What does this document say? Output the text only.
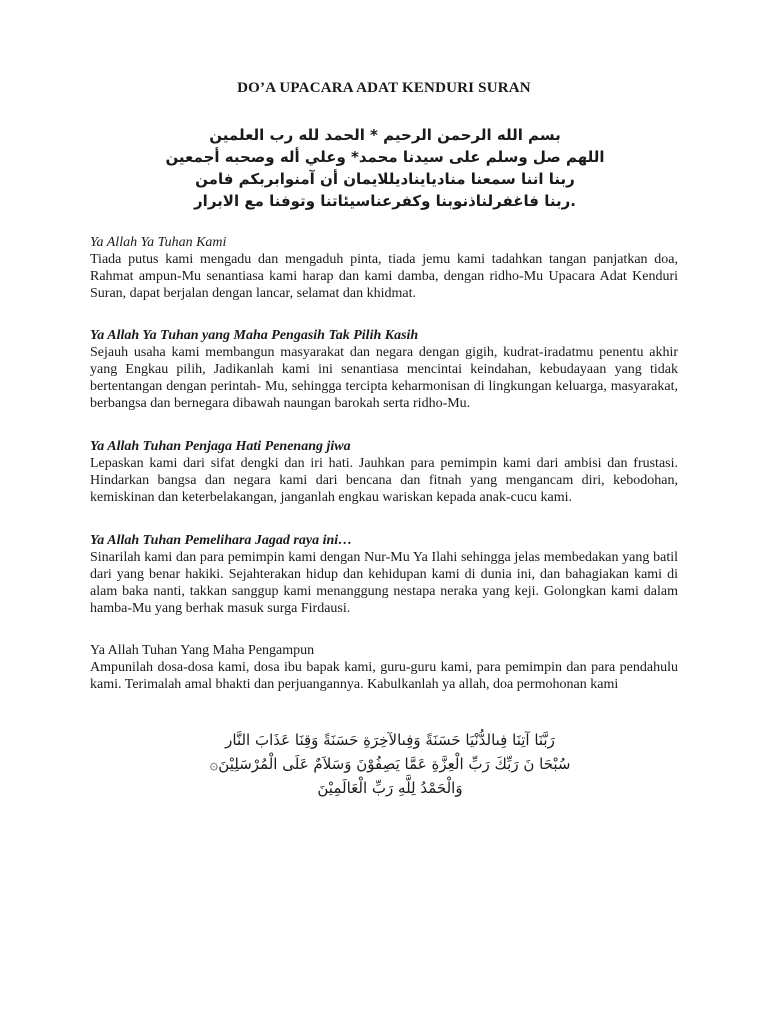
DO’A UPACARA ADAT KENDURI SURAN
بسم الله الرحمن الرحيم * الحمد لله رب العلمين
اللهم صل وسلم على سيدنا محمد* وعلي أله وصحبه أجمعين
ربنا اننا سمعنا مناديايناديللايمان أن آمنوابربكم فامن
.ربنا فاغفرلناذنوبنا وكفرعناسيئاتنا وتوفنا مع الابرار
Ya Allah Ya Tuhan Kami
Tiada putus kami mengadu dan mengaduh pinta, tiada jemu kami tadahkan tangan panjatkan doa, Rahmat ampun-Mu senantiasa kami harap dan kami damba, dengan ridho-Mu Upacara Adat Kenduri Suran, dapat berjalan dengan lancar, selamat dan khidmat.
Ya Allah Ya Tuhan yang Maha Pengasih Tak Pilih Kasih
Sejauh usaha kami membangun masyarakat dan negara dengan gigih, kudrat-iradatmu penentu akhir yang Engkau pilih, Jadikanlah kami ini senantiasa mencintai keindahan, kebudayaan yang tidak bertentangan dengan perintah- Mu, sehingga tercipta keharmonisan di lingkungan keluarga, masyarakat, berbangsa dan bernegara dibawah naungan barokah serta ridho-Mu.
Ya Allah Tuhan Penjaga Hati Penenang jiwa
Lepaskan kami dari sifat dengki dan iri hati. Jauhkan para pemimpin kami dari ambisi dan frustasi. Hindarkan bangsa dan negara kami dari bencana dan fitnah yang mengancam diri, kebodohan, kemiskinan dan keterbelakangan, janganlah engkau wariskan kepada anak-cucu kami.
Ya Allah Tuhan Pemelihara Jagad raya ini…
Sinarilah kami dan para pemimpin kami dengan Nur-Mu Ya Ilahi sehingga jelas membedakan yang batil dari yang benar hakiki. Sejahterakan hidup dan kehidupan kami di dunia ini, dan bahagiakan kami di alam baka nanti, takkan sanggup kami menanggung nestapa neraka yang keji. Golongkan kami dalam hamba-Mu yang berhak masuk surga Firdausi.
Ya Allah Tuhan Yang Maha Pengampun
Ampunilah dosa-dosa kami, dosa ibu bapak kami, guru-guru kami, para pemimpin dan para pendahulu kami. Terimalah amal bhakti dan perjuangannya. Kabulkanlah ya allah, doa permohonan kami
رَبَّنَا آتِنَا فِىالدُّنْيَا حَسَنَةً وَفِىالآخِرَةِ حَسَنَةً وَقِنَا عَذَابَ النَّار
سُبْحَا نَ رَبِّكَ رَبِّ الْعِزَّةِ عَمَّا يَصِفُوْنَ وَسَلاَمٌ عَلَى الْمُرْسَلِيْنَ۞
وَالْحَمْدُ لِلَّهِ رَبِّ الْعَالَمِيْنَ
